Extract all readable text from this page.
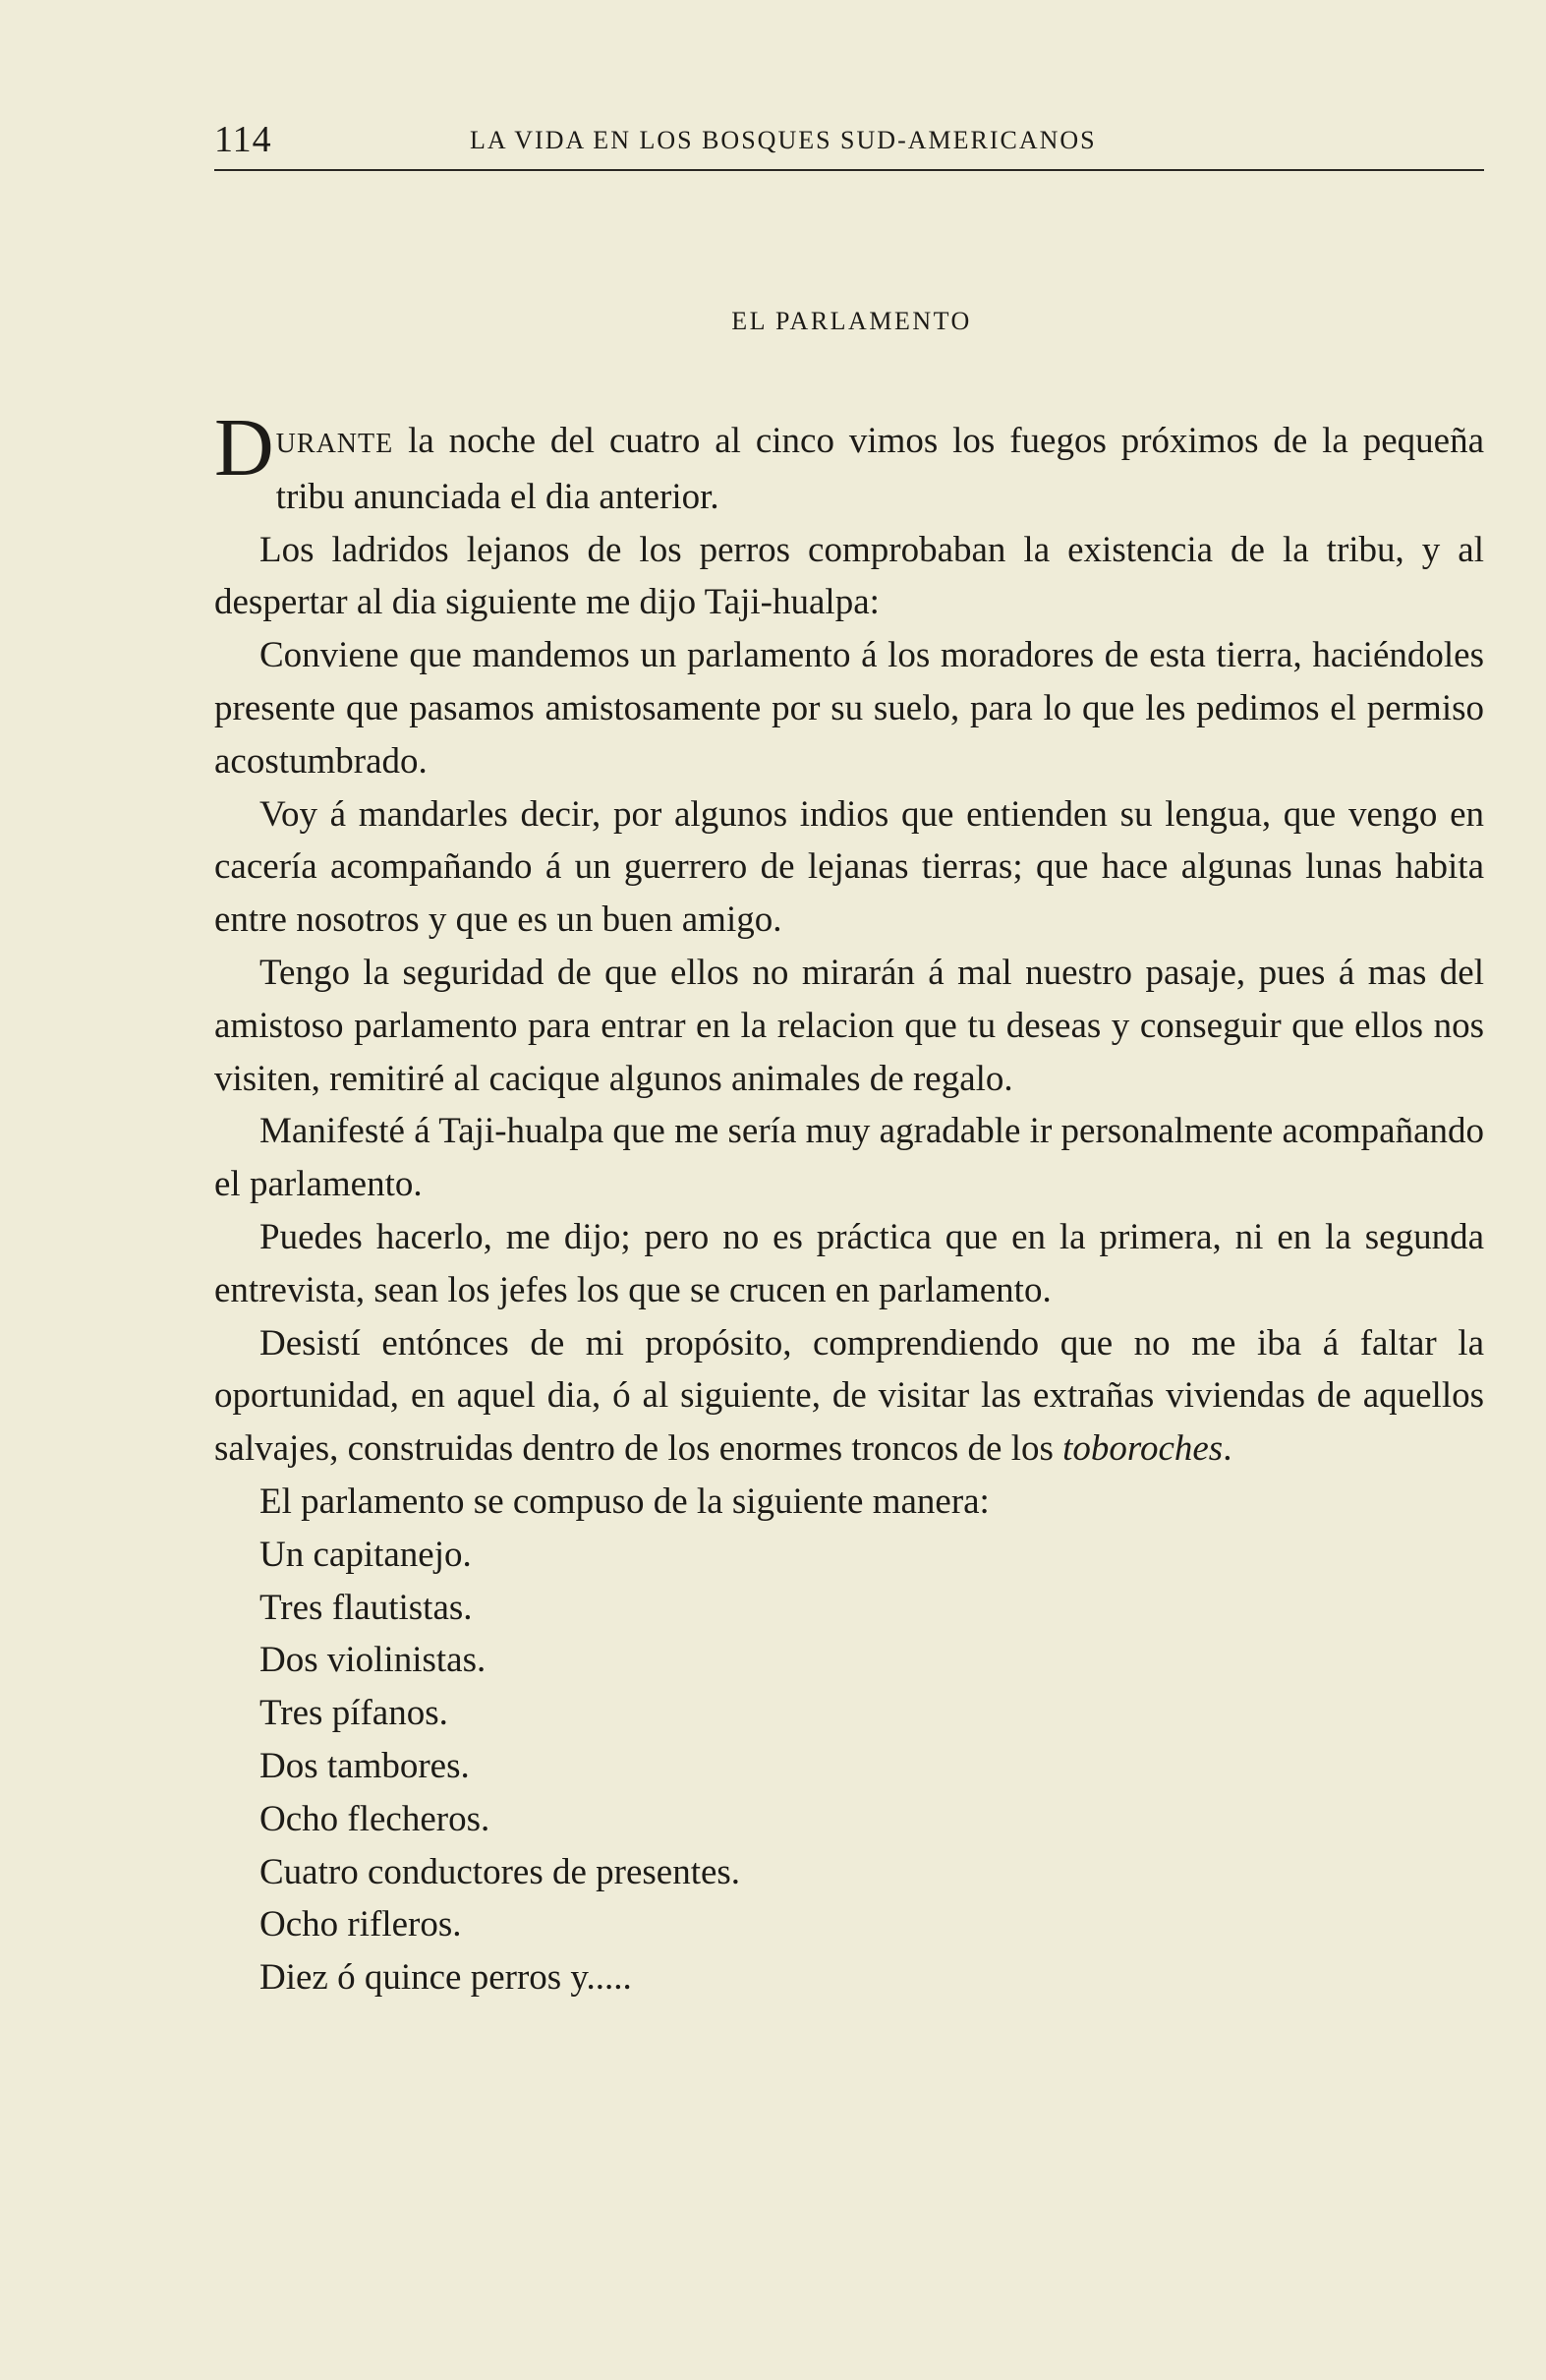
114	LA VIDA EN LOS BOSQUES SUD-AMERICANOS
EL PARLAMENTO

DURANTE la noche del cuatro al cinco vimos los fuegos próximos de la pequeña tribu anunciada el dia anterior.

Los ladridos lejanos de los perros comprobaban la existencia de la tribu, y al despertar al dia siguiente me dijo Taji-hualpa:

Conviene que mandemos un parlamento á los moradores de esta tierra, haciéndoles presente que pasamos amistosamente por su suelo, para lo que les pedimos el permiso acostumbrado.

Voy á mandarles decir, por algunos indios que entienden su lengua, que vengo en cacería acompañando á un guerrero de lejanas tierras; que hace algunas lunas habita entre nosotros y que es un buen amigo.

Tengo la seguridad de que ellos no mirarán á mal nuestro pasaje, pues á mas del amistoso parlamento para entrar en la relacion que tu deseas y conseguir que ellos nos visiten, remitiré al cacique algunos animales de regalo.

Manifesté á Taji-hualpa que me sería muy agradable ir personalmente acompañando el parlamento.

Puedes hacerlo, me dijo; pero no es práctica que en la primera, ni en la segunda entrevista, sean los jefes los que se crucen en parlamento.

Desistí entónces de mi propósito, comprendiendo que no me iba á faltar la oportunidad, en aquel dia, ó al siguiente, de visitar las extrañas viviendas de aquellos salvajes, construidas dentro de los enormes troncos de los toboroches.

El parlamento se compuso de la siguiente manera:

Un capitanejo.

Tres flautistas.

Dos violinistas.

Tres pífanos.

Dos tambores.

Ocho flecheros.

Cuatro conductores de presentes.

Ocho rifleros.

Diez ó quince perros y.....
